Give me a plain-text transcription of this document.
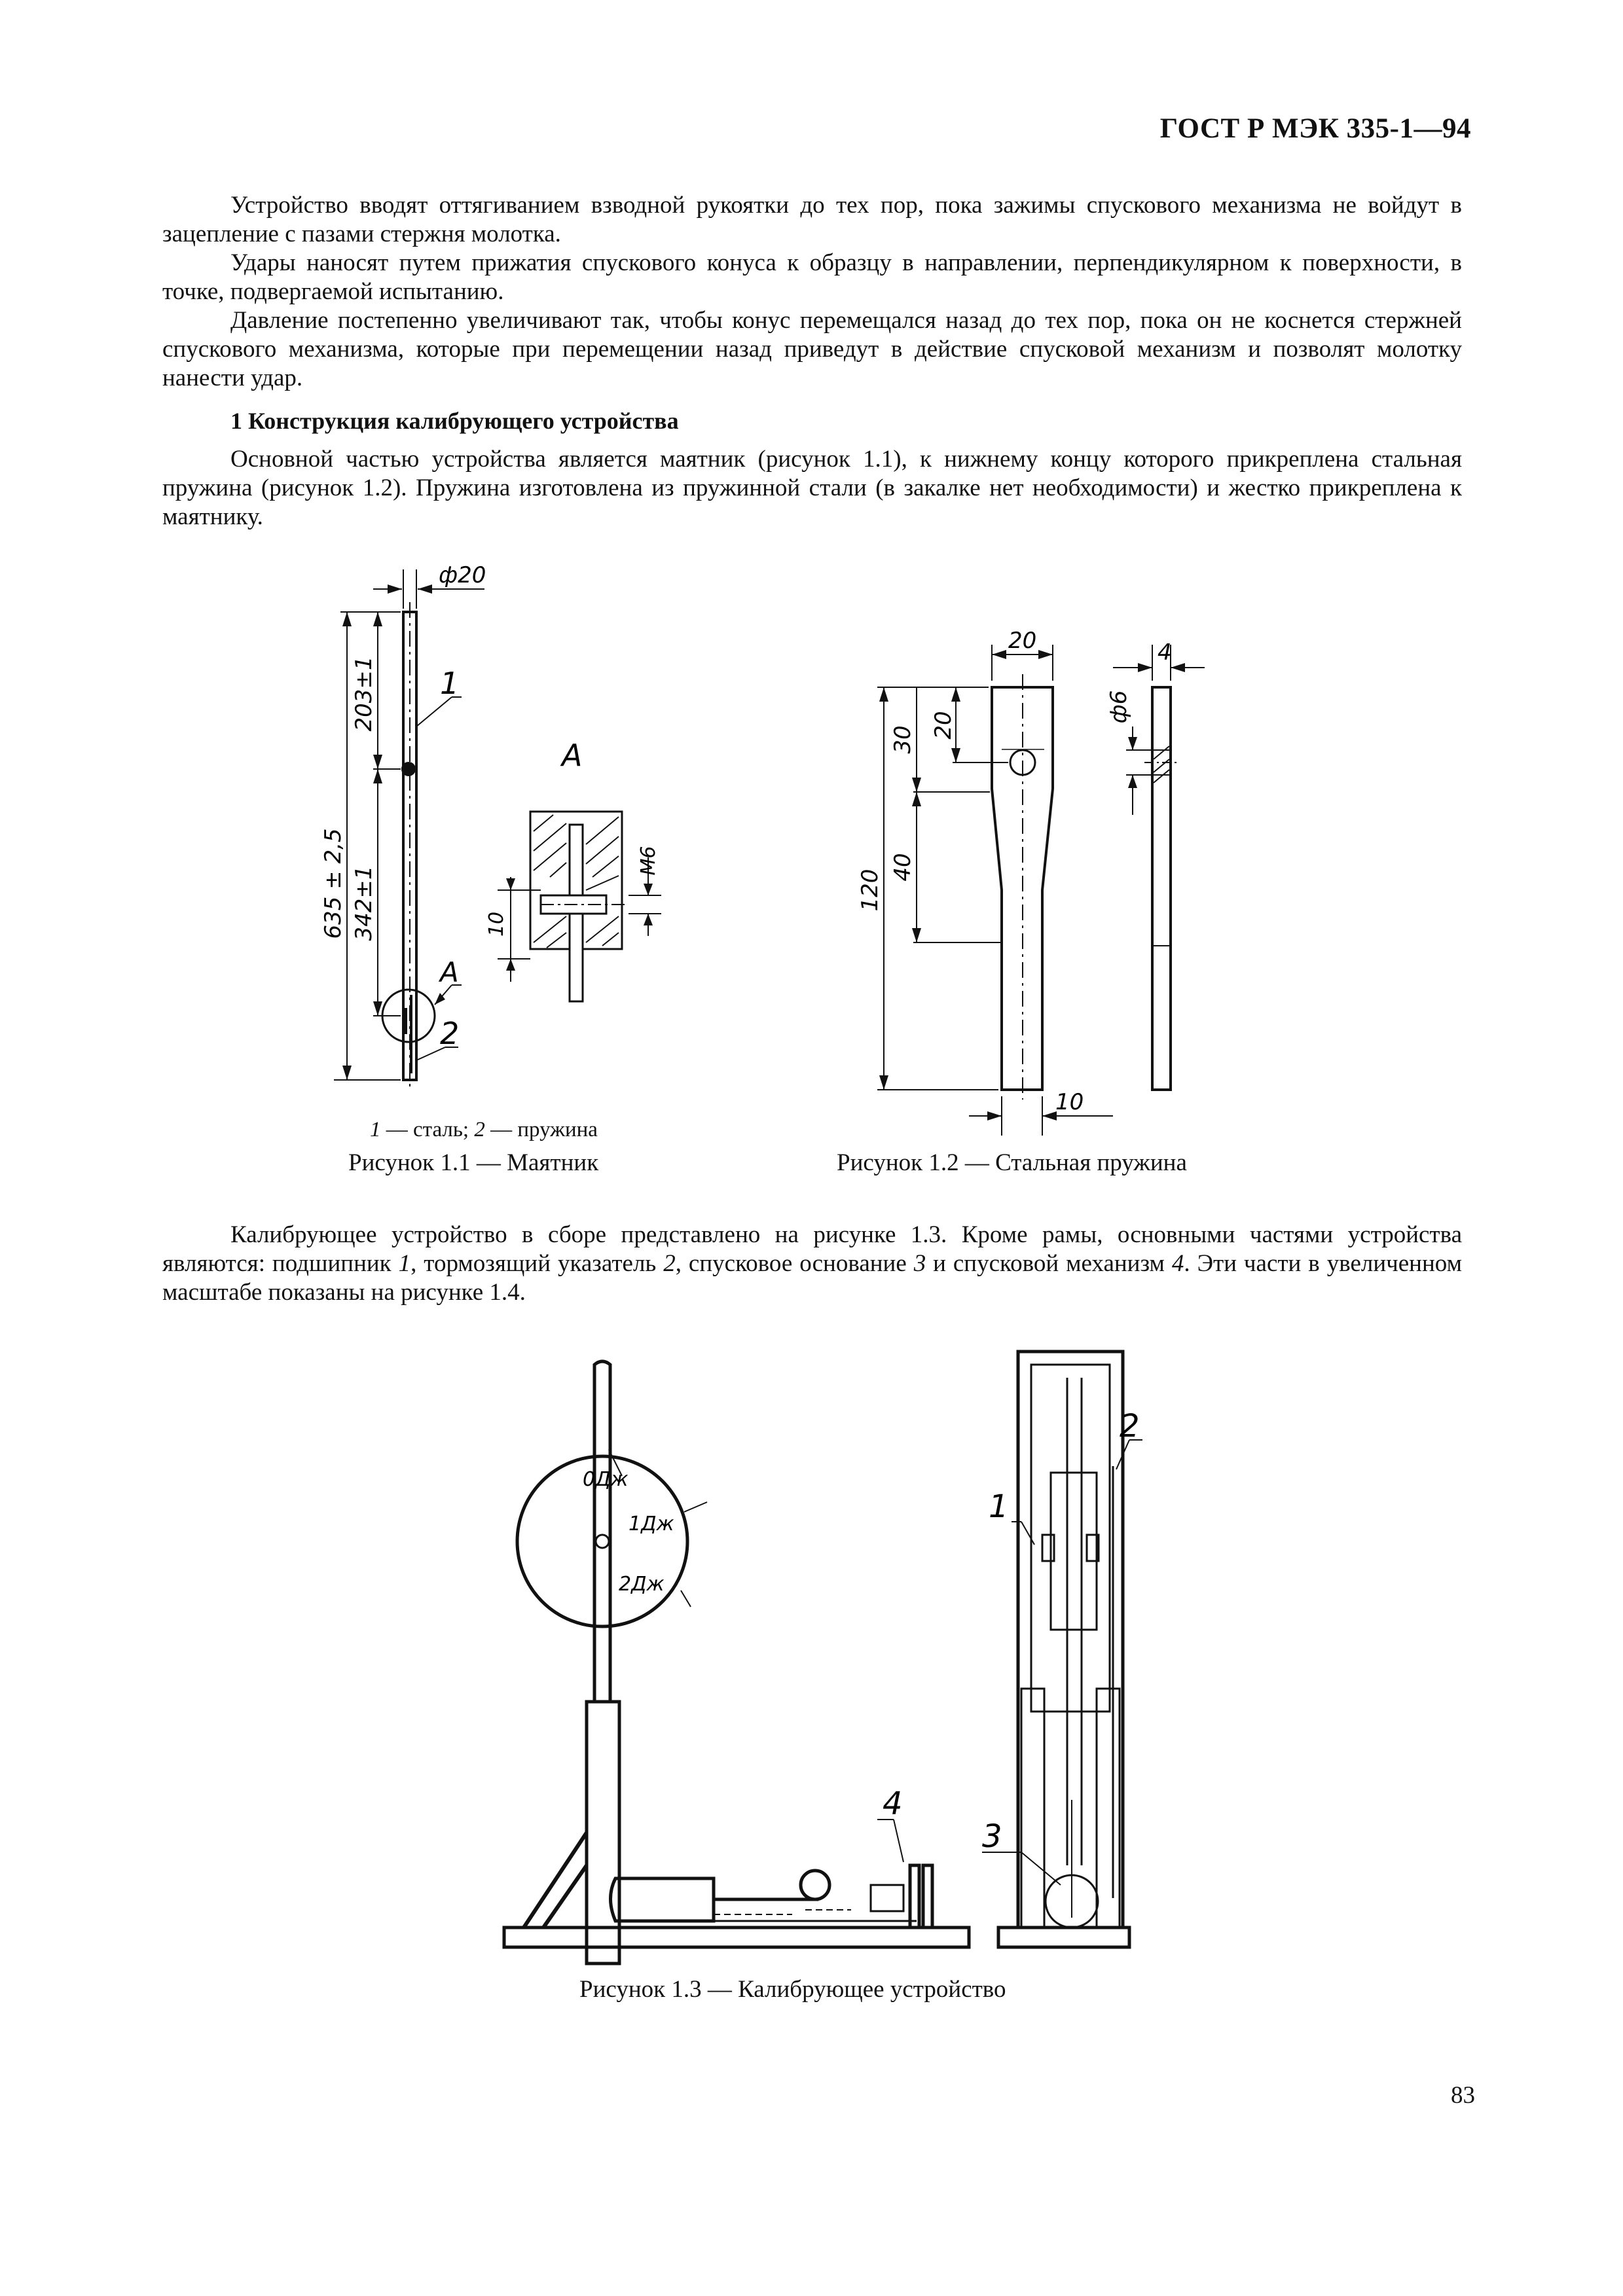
ГОСТ Р МЭК 335-1—94

Устройство вводят оттягиванием взводной рукоятки до тех пор, пока зажимы спускового механизма не войдут в зацепление с пазами стержня молотка.

Удары наносят путем прижатия спускового конуса к образцу в направлении, перпендикулярном к поверхности, в точке, подвергаемой испытанию.

Давление постепенно увеличивают так, чтобы конус перемещался назад до тех пор, пока он не коснется стержней спускового механизма, которые при перемещении назад приведут в действие спусковой механизм и позволят молотку нанести удар.

1 Конструкция калибрующего устройства

Основной частью устройства является маятник (рисунок 1.1), к нижнему концу которого прикреплена стальная пружина (рисунок 1.2). Пружина изготовлена из пружинной стали (в закалке нет необходимости) и жестко прикреплена к маятнику.

ф20
1
2
A
635 ± 2,5
203±1
342±1
A
М6
10
20	4
10
120
30
20
40
ф6
1 — сталь; 2 — пружина
Рисунок 1.1 — Маятник	Рисунок 1.2 — Стальная пружина

Калибрующее устройство в сборе представлено на рисунке 1.3. Кроме рамы, основными частями устройства являются: подшипник 1, тормозящий указатель 2, спусковое основание 3 и спусковой механизм 4. Эти части в увеличенном масштабе показаны на рисунке 1.4.

0Дж
1Дж
2Дж
1
2
3
4
Рисунок 1.3 — Калибрующее устройство
83
